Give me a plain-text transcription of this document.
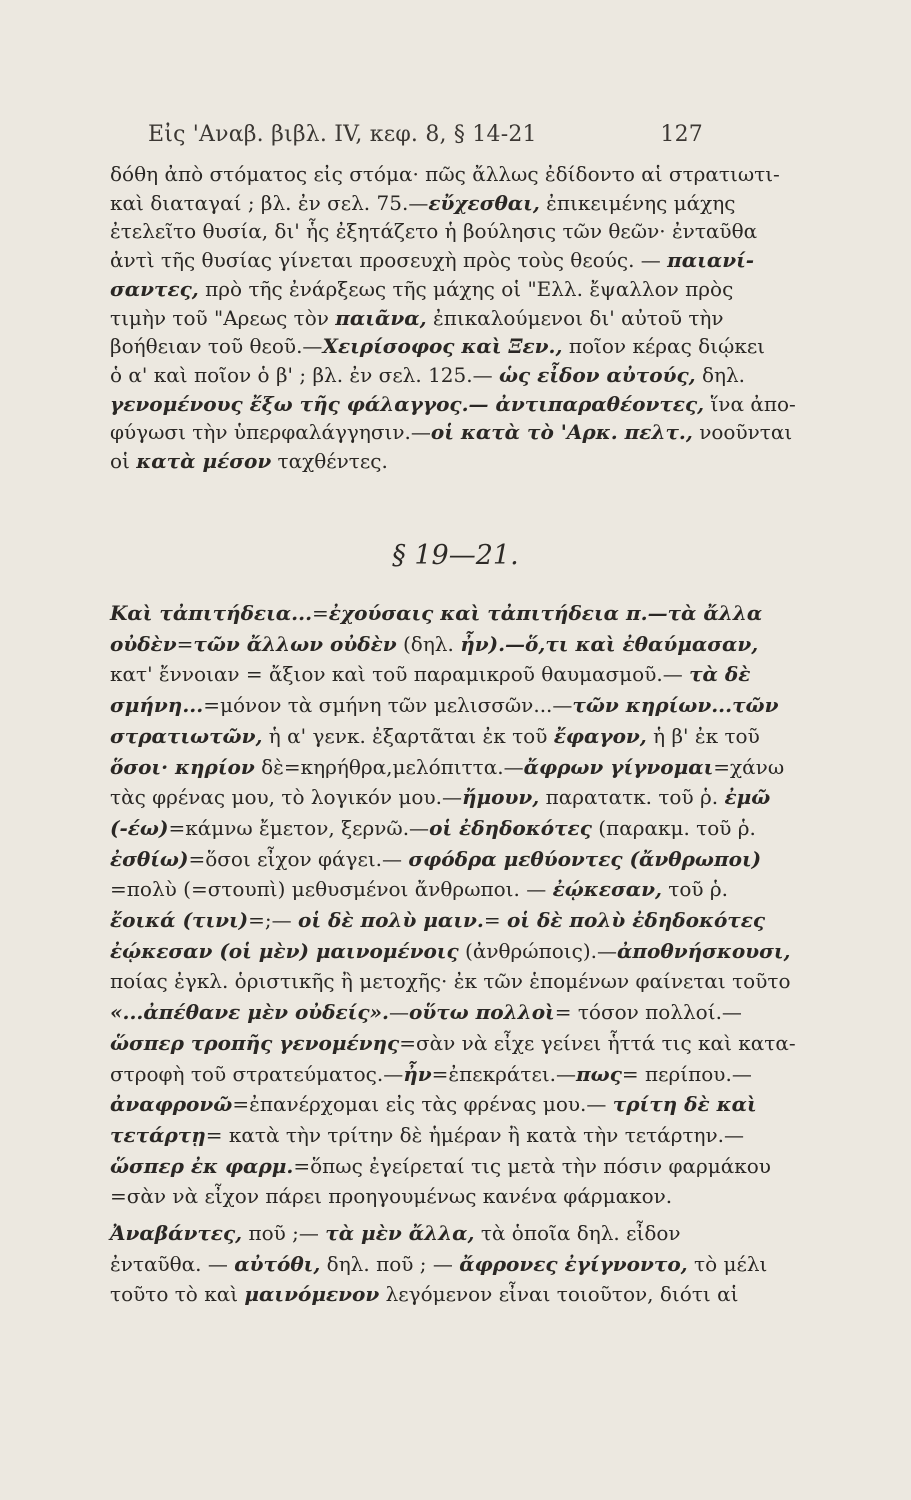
Εἰς 'Αναβ. βιβλ. IV, κεφ. 8, § 14-21	127
δόθη ἀπὸ στόματος εἰς στόμα· πῶς ἄλλως ἐδίδοντο αἱ στρατιωτι-
καὶ διαταγαί ; βλ. ἐν σελ. 75.—εὔχεσθαι, ἐπικειμένης μάχης
ἐτελεῖτο θυσία, δι' ἧς ἐξητάζετο ἡ βούλησις τῶν θεῶν· ἐνταῦθα
ἀντὶ τῆς θυσίας γίνεται προσευχὴ πρὸς τοὺς θεούς. — παιανί-
σαντες, πρὸ τῆς ἐνάρξεως τῆς μάχης οἱ "Ελλ. ἔψαλλον πρὸς
τιμὴν τοῦ "Αρεως τὸν παιᾶνα, ἐπικαλούμενοι δι' αὐτοῦ τὴν
βοήθειαν τοῦ θεοῦ.—Χειρίσοφος καὶ Ξεν., ποῖον κέρας διῴκει
ὁ α' καὶ ποῖον ὁ β' ; βλ. ἐν σελ. 125.— ὡς εἶδον αὐτούς, δηλ.
γενομένους ἔξω τῆς φάλαγγος.— ἀντιπαραθέοντες, ἵνα ἀπο-
φύγωσι τὴν ὑπερφαλάγγησιν.—οἱ κατὰ τὸ 'Αρκ. πελτ., νοοῦνται
οἱ κατὰ μέσον ταχθέντες.
§ 19—21.
Καὶ τἀπιτήδεια...=ἐχούσαις καὶ τἀπιτήδεια π.—τὰ ἄλλα
οὐδὲν=τῶν ἄλλων οὐδὲν (δηλ. ἦν).—ὅ,τι καὶ ἐθαύμασαν,
κατ' ἔννοιαν = ἄξιον καὶ τοῦ παραμικροῦ θαυμασμοῦ.— τὰ δὲ
σμήνη...=μόνον τὰ σμήνη τῶν μελισσῶν...—τῶν κηρίων...τῶν
στρατιωτῶν, ἡ α' γενκ. ἐξαρτᾶται ἐκ τοῦ ἔφαγον, ἡ β' ἐκ τοῦ
ὅσοι· κηρίον δὲ=κηρήθρα,μελόπιττα.—ἄφρων γίγνομαι=χάνω
τὰς φρένας μου, τὸ λογικόν μου.—ἤμουν, παρατατκ. τοῦ ῥ. ἐμῶ
(-έω)=κάμνω ἔμετον, ξερνῶ.—οἱ ἐδηδοκότες (παρακμ. τοῦ ῥ.
ἐσθίω)=ὅσοι εἶχον φάγει.— σφόδρα μεθύοντες (ἄνθρωποι)
=πολὺ (=στουπὶ) μεθυσμένοι ἄνθρωποι. — ἐῴκεσαν, τοῦ ῥ.
ἔοικά (τινι)=;— οἱ δὲ πολὺ μαιν.= οἱ δὲ πολὺ ἐδηδοκότες
ἐῴκεσαν (οἱ μὲν) μαινομένοις (ἀνθρώποις).—ἀποθνήσκουσι,
ποίας ἐγκλ. ὁριστικῆς ἢ μετοχῆς· ἐκ τῶν ἑπομένων φαίνεται τοῦτο
«...ἀπέθανε μὲν οὐδείς».—οὕτω πολλοὶ= τόσον πολλοί.—
ὥσπερ τροπῆς γενομένης=σὰν νὰ εἶχε γείνει ἧττά τις καὶ κατα-
στροφὴ τοῦ στρατεύματος.—ἦν=ἐπεκράτει.—πως= περίπου.—
ἀναφρονῶ=ἐπανέρχομαι εἰς τὰς φρένας μου.— τρίτη δὲ καὶ
τετάρτῃ= κατὰ τὴν τρίτην δὲ ἡμέραν ἢ κατὰ τὴν τετάρτην.—
ὥσπερ ἐκ φαρμ.=ὅπως ἐγείρεταί τις μετὰ τὴν πόσιν φαρμάκου
=σὰν νὰ εἶχον πάρει προηγουμένως κανένα φάρμακον.
Ἀναβάντες, ποῦ ;— τὰ μὲν ἄλλα, τὰ ὁποῖα δηλ. εἶδον
ἐνταῦθα. — αὐτόθι, δηλ. ποῦ ; — ἄφρονες ἐγίγνοντο, τὸ μέλι
τοῦτο τὸ καὶ μαινόμενον λεγόμενον εἶναι τοιοῦτον, διότι αἱ
